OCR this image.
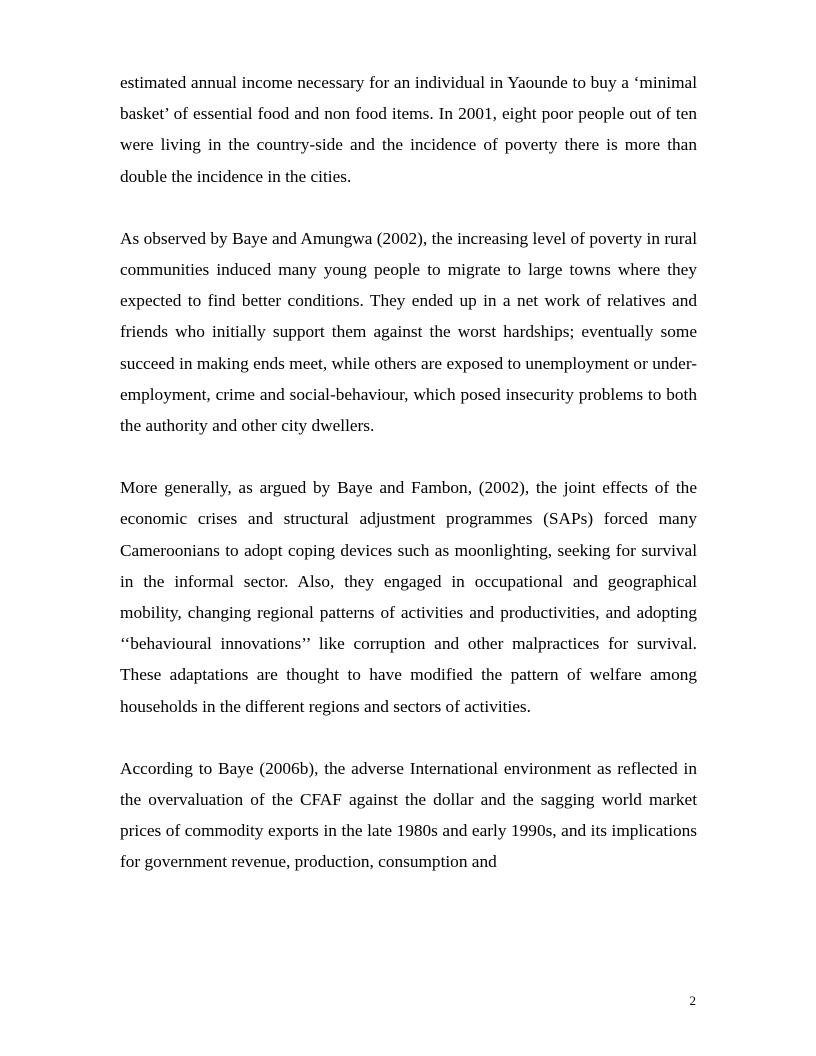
estimated annual income necessary for an individual in Yaounde to buy a ‘minimal basket’ of essential food and non food items. In 2001, eight poor people out of ten were living in the country-side and the incidence of poverty there is more than double the incidence in the cities.

As observed by Baye and Amungwa (2002), the increasing level of poverty in rural communities induced many young people to migrate to large towns where they expected to find better conditions. They ended up in a net work of relatives and friends who initially support them against the worst hardships; eventually some succeed in making ends meet, while others are exposed to unemployment or under-employment, crime and social-behaviour, which posed insecurity problems to both the authority and other city dwellers.

More generally, as argued by Baye and Fambon, (2002), the joint effects of the economic crises and structural adjustment programmes (SAPs) forced many Cameroonians to adopt coping devices such as moonlighting, seeking for survival in the informal sector. Also, they engaged in occupational and geographical mobility, changing regional patterns of activities and productivities, and adopting ‘‘behavioural innovations’’ like corruption and other malpractices for survival. These adaptations are thought to have modified the pattern of welfare among households in the different regions and sectors of activities.

According to Baye (2006b), the adverse International environment as reflected in the overvaluation of the CFAF against the dollar and the sagging world market prices of commodity exports in the late 1980s and early 1990s, and its implications for government revenue, production, consumption and

2
